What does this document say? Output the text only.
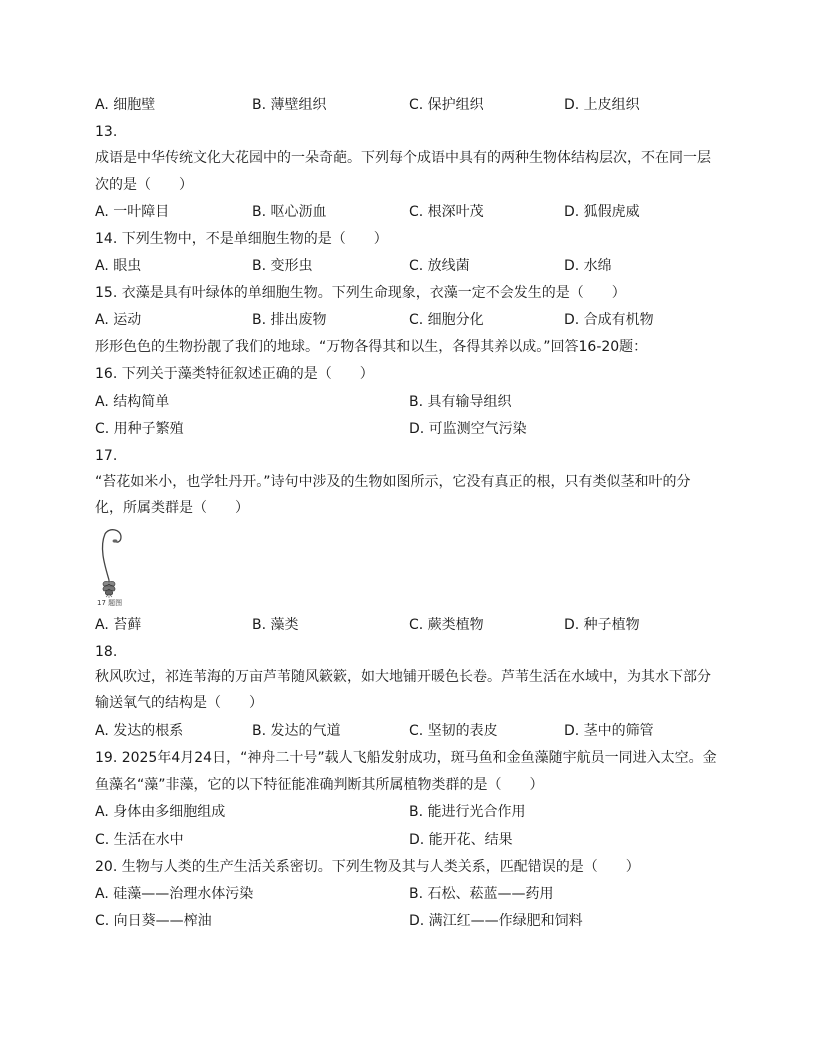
A. 细胞壁	B. 薄壁组织	C. 保护组织	D. 上皮组织
13.
成语是中华传统文化大花园中的一朵奇葩。下列每个成语中具有的两种生物体结构层次，不在同一层
次的是（　　）
A. 一叶障目	B. 呕心沥血	C. 根深叶茂	D. 狐假虎威
14. 下列生物中，不是单细胞生物的是（　　）
A. 眼虫	B. 变形虫	C. 放线菌	D. 水绵
15. 衣藻是具有叶绿体的单细胞生物。下列生命现象，衣藻一定不会发生的是（　　）
A. 运动	B. 排出废物	C. 细胞分化	D. 合成有机物
形形色色的生物扮靓了我们的地球。“万物各得其和以生，各得其养以成。”回答16-20题：
16. 下列关于藻类特征叙述正确的是（　　）
A. 结构简单	B. 具有输导组织
C. 用种子繁殖	D. 可监测空气污染
17.
“苔花如米小，也学牡丹开。”诗句中涉及的生物如图所示，它没有真正的根，只有类似茎和叶的分
化，所属类群是（　　）
17 题图
A. 苔藓	B. 藻类	C. 蕨类植物	D. 种子植物
18.
秋风吹过，祁连苇海的万亩芦苇随风簌簌，如大地铺开暖色长卷。芦苇生活在水域中，为其水下部分
输送氧气的结构是（　　）
A. 发达的根系	B. 发达的气道	C. 坚韧的表皮	D. 茎中的筛管
19. 2025年4月24日，“神舟二十号”载人飞船发射成功，斑马鱼和金鱼藻随宇航员一同进入太空。金
鱼藻名“藻”非藻，它的以下特征能准确判断其所属植物类群的是（　　）
A. 身体由多细胞组成	B. 能进行光合作用
C. 生活在水中	D. 能开花、结果
20. 生物与人类的生产生活关系密切。下列生物及其与人类关系，匹配错误的是（　　）
A. 硅藻——治理水体污染	B. 石松、菘蓝——药用
C. 向日葵——榨油	D. 满江红——作绿肥和饲料
